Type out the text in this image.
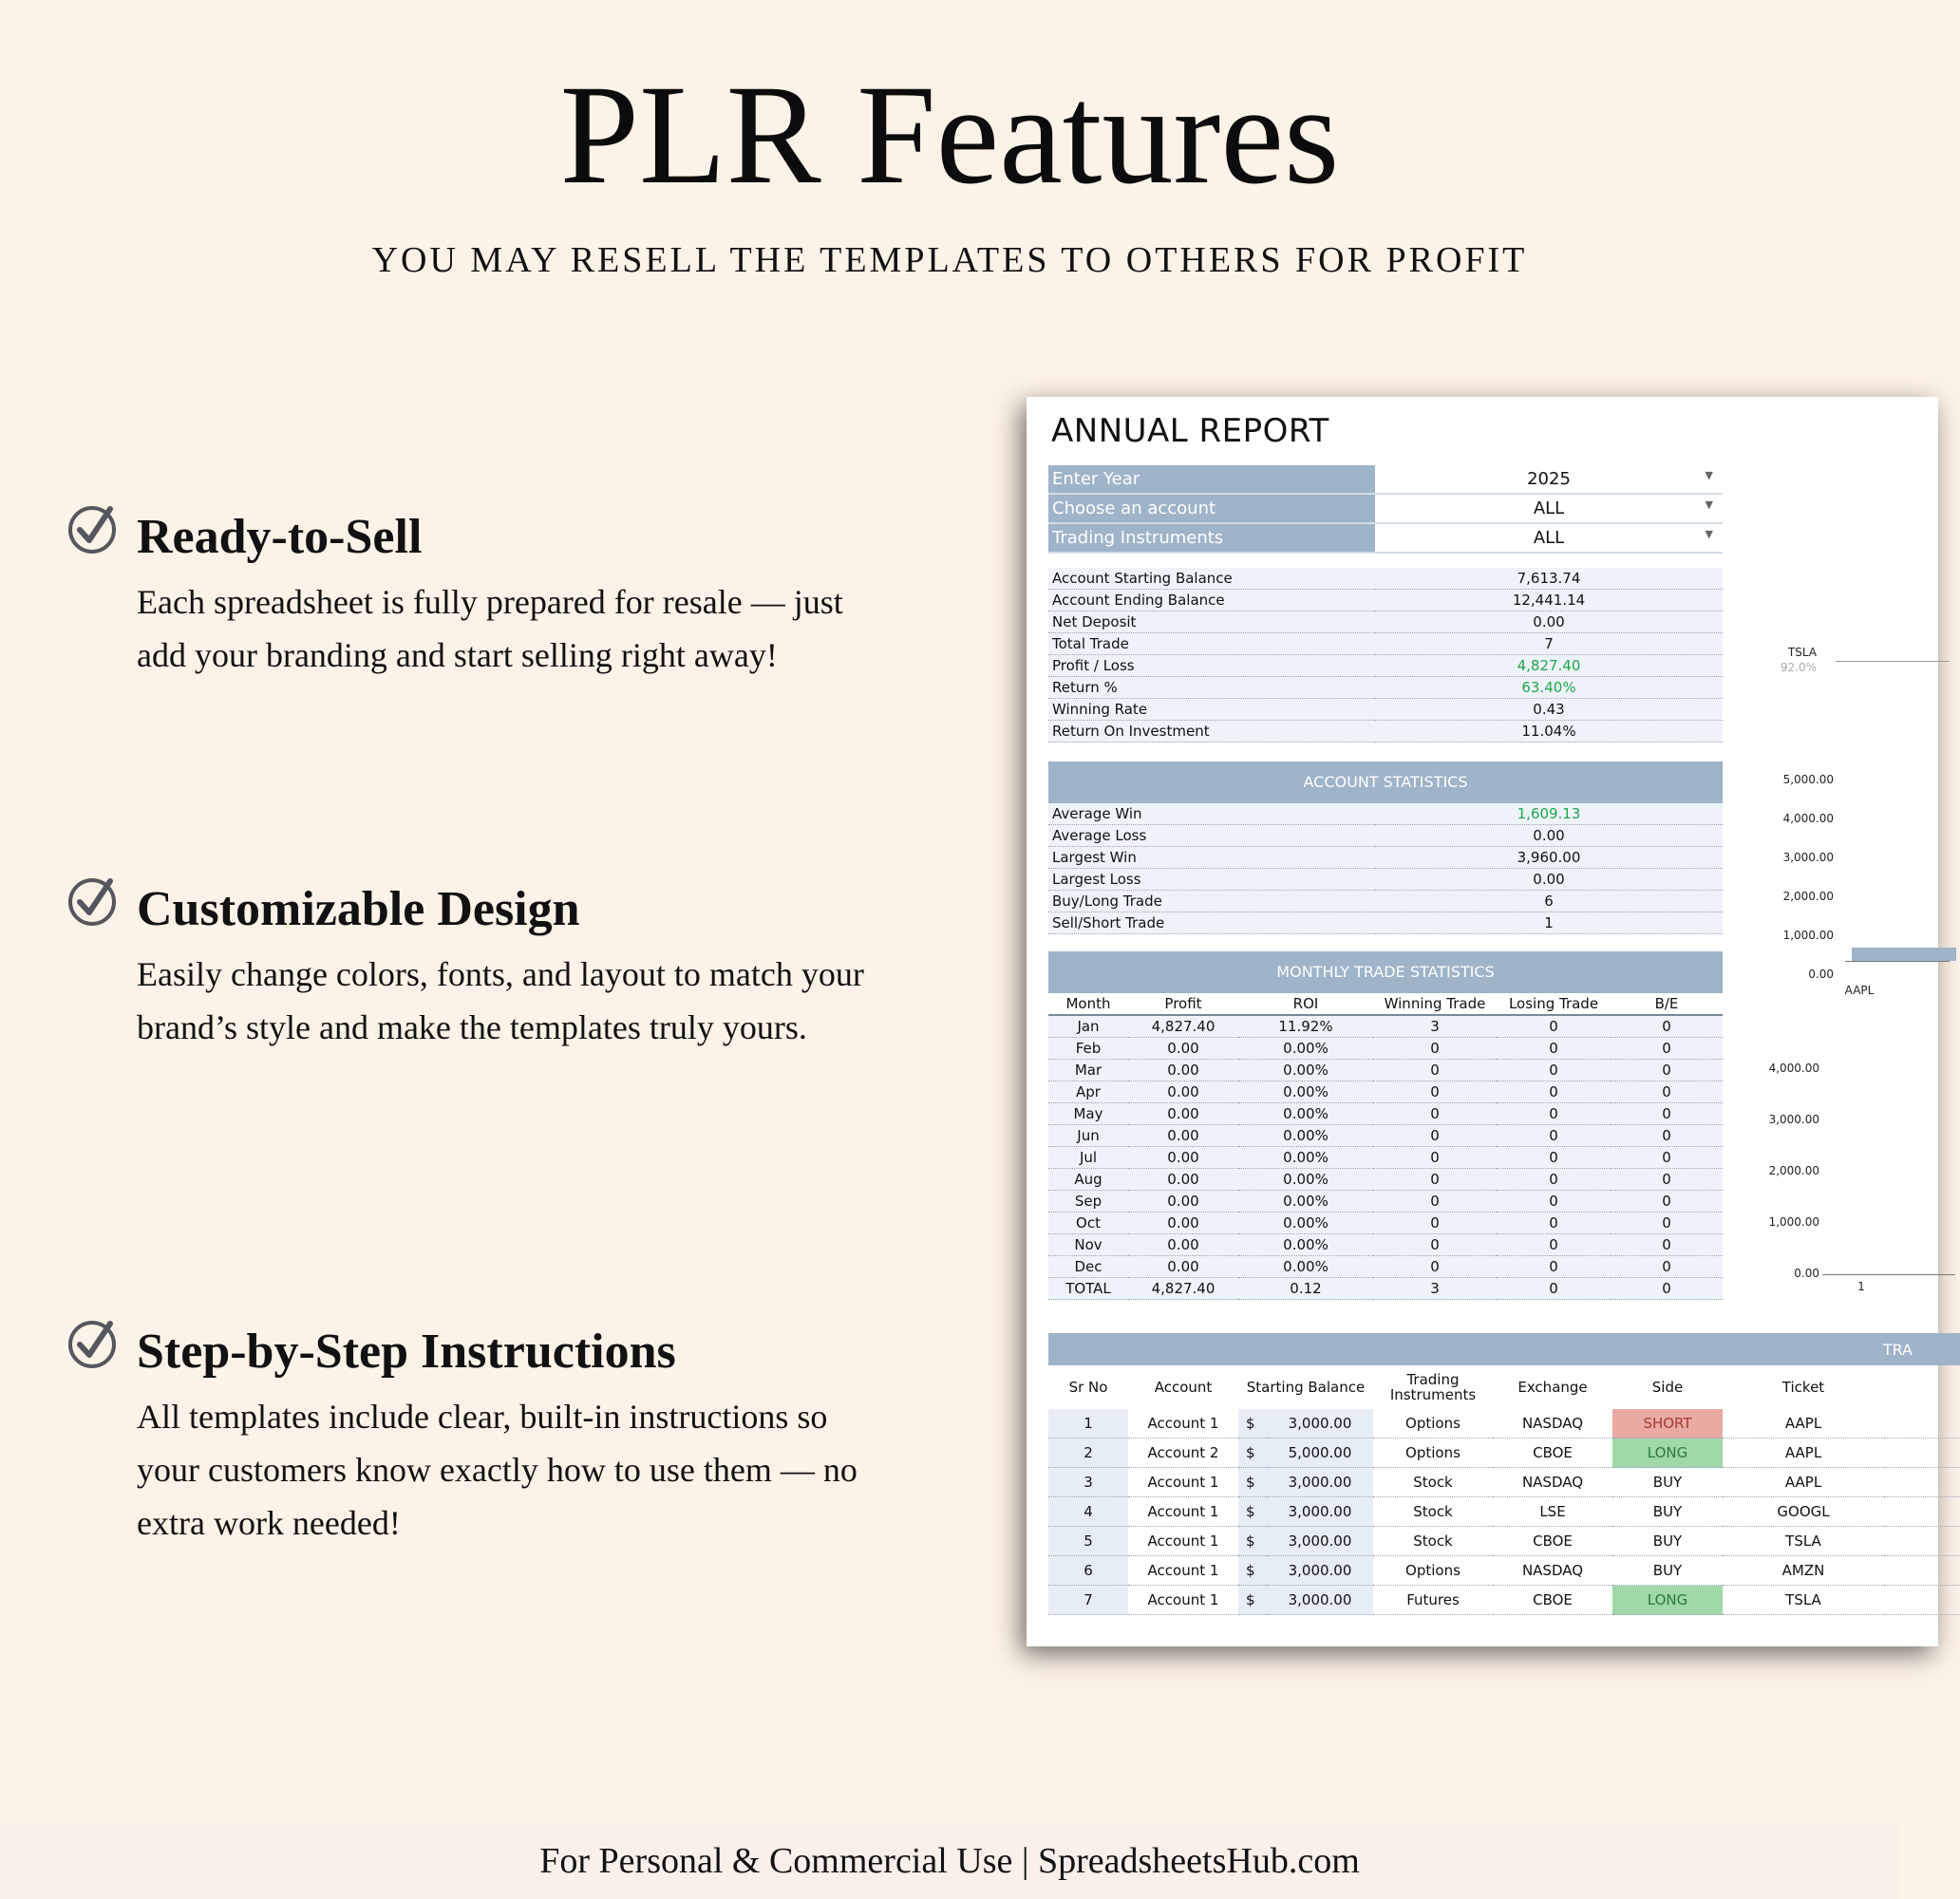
PLR Features
YOU MAY RESELL THE TEMPLATES TO OTHERS FOR PROFIT
Ready-to-Sell

Each spreadsheet is fully prepared for resale — just add your branding and start selling right away!

Customizable Design

Easily change colors, fonts, and layout to match your brand’s style and make the templates truly yours.

Step-by-Step Instructions

All templates include clear, built-in instructions so your customers know exactly how to use them — no extra work needed!

ANNUAL REPORT
Enter Year	2025 ▼

Choose an account	ALL ▼

Trading Instruments	ALL ▼
Account Starting Balance	7,613.74
Account Ending Balance	12,441.14
Net Deposit	0.00
Total Trade	7
Profit / Loss	4,827.40
Return %	63.40%
Winning Rate	0.43
Return On Investment	11.04%
ACCOUNT STATISTICS
Average Win	1,609.13
Average Loss	0.00
Largest Win	3,960.00
Largest Loss	0.00
Buy/Long Trade	6
Sell/Short Trade	1
MONTHLY TRADE STATISTICS
Month	Profit	ROI	Winning Trade	Losing Trade	B/E
Jan	4,827.40	11.92%	3	0	0
Feb	0.00	0.00%	0	0	0
Mar	0.00	0.00%	0	0	0
Apr	0.00	0.00%	0	0	0
May	0.00	0.00%	0	0	0
Jun	0.00	0.00%	0	0	0
Jul	0.00	0.00%	0	0	0
Aug	0.00	0.00%	0	0	0
Sep	0.00	0.00%	0	0	0
Oct	0.00	0.00%	0	0	0
Nov	0.00	0.00%	0	0	0
Dec	0.00	0.00%	0	0	0
TOTAL	4,827.40	0.12	3	0	0
TRA
Sr No	Account	Starting Balance		Trading Instruments	Exchange	Side	Ticket	
1	Account 1	$	3,000.00	Options	NASDAQ	SHORT	AAPL	
2	Account 2	$	5,000.00	Options	CBOE	LONG	AAPL	
3	Account 1	$	3,000.00	Stock	NASDAQ	BUY	AAPL	
4	Account 1	$	3,000.00	Stock	LSE	BUY	GOOGL	
5	Account 1	$	3,000.00	Stock	CBOE	BUY	TSLA	
6	Account 1	$	3,000.00	Options	NASDAQ	BUY	AMZN	
7	Account 1	$	3,000.00	Futures	CBOE	LONG	TSLA	
TSLA
92.0%
5,000.00
4,000.00
3,000.00
2,000.00
1,000.00
0.00
AAPL
4,000.00
3,000.00
2,000.00
1,000.00
0.00
1
For Personal & Commercial Use | SpreadsheetsHub.com
